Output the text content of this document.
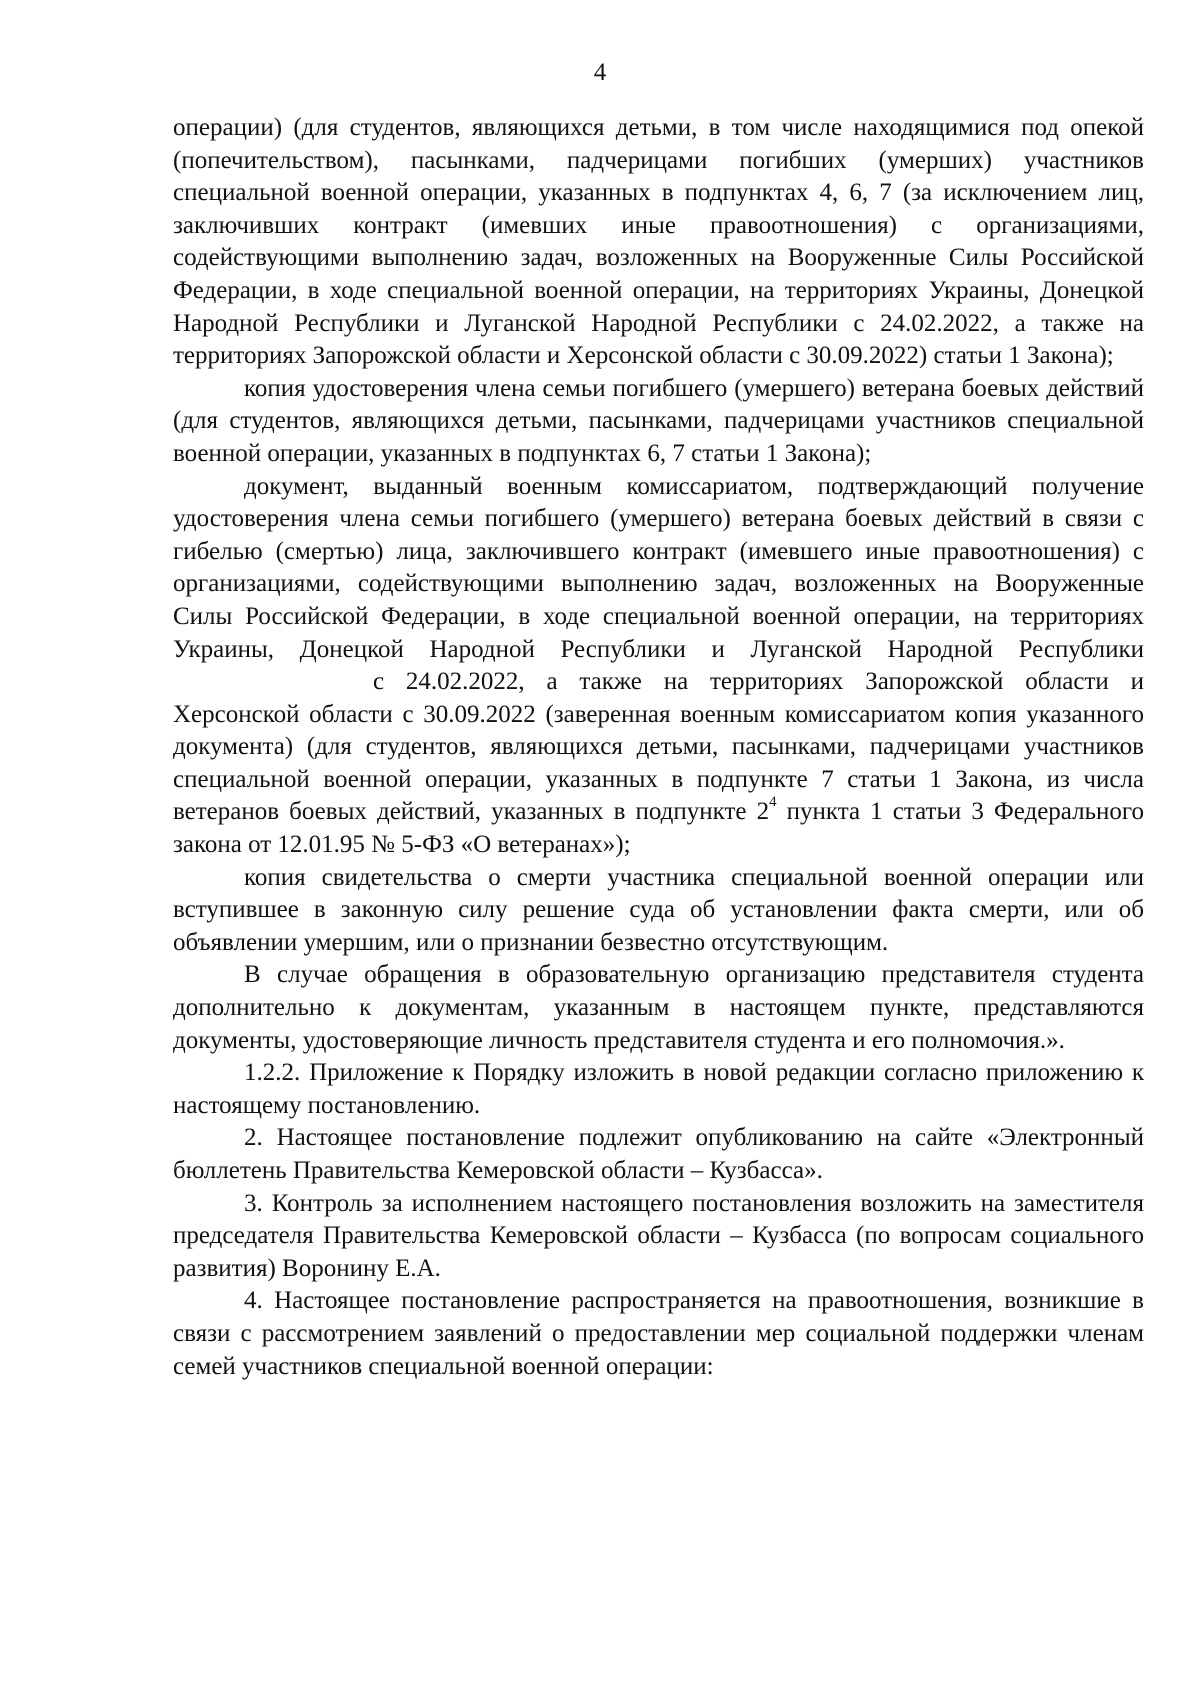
4

операции) (для студентов, являющихся детьми, в том числе находящимися под опекой (попечительством), пасынками, падчерицами погибших (умерших) участников специальной военной операции, указанных в подпунктах 4, 6, 7 (за исключением лиц, заключивших контракт (имевших иные правоотношения) с организациями, содействующими выполнению задач, возложенных на Вооруженные Силы Российской Федерации, в ходе специальной военной операции, на территориях Украины, Донецкой Народной Республики и Луганской Народной Республики с 24.02.2022, а также на территориях Запорожской области и Херсонской области с 30.09.2022) статьи 1 Закона);

копия удостоверения члена семьи погибшего (умершего) ветерана боевых действий (для студентов, являющихся детьми, пасынками, падчерицами участников специальной военной операции, указанных в подпунктах 6, 7 статьи 1 Закона);

документ, выданный военным комиссариатом, подтверждающий получение удостоверения члена семьи погибшего (умершего) ветерана боевых действий в связи с гибелью (смертью) лица, заключившего контракт (имевшего иные правоотношения) с организациями, содействующими выполнению задач, возложенных на Вооруженные Силы Российской Федерации, в ходе специальной военной операции, на территориях Украины, Донецкой Народной Республики и Луганской Народной Республикис 24.02.2022, а также на территориях Запорожской области и Херсонской области с 30.09.2022 (заверенная военным комиссариатом копия указанного документа) (для студентов, являющихся детьми, пасынками, падчерицами участников специальной военной операции, указанных в подпункте 7 статьи 1 Закона, из числа ветеранов боевых действий, указанных в подпункте $2^4$ пункта 1 статьи 3 Федерального закона от 12.01.95 № 5-ФЗ «О ветеранах»);

копия свидетельства о смерти участника специальной военной операции или вступившее в законную силу решение суда об установлении факта смерти, или об объявлении умершим, или о признании безвестно отсутствующим.

В случае обращения в образовательную организацию представителя студента дополнительно к документам, указанным в настоящем пункте, представляются документы, удостоверяющие личность представителя студента и его полномочия.».

1.2.2. Приложение к Порядку изложить в новой редакции согласно приложению к настоящему постановлению.

2. Настоящее постановление подлежит опубликованию на сайте «Электронный бюллетень Правительства Кемеровской области – Кузбасса».

3. Контроль за исполнением настоящего постановления возложить на заместителя председателя Правительства Кемеровской области – Кузбасса (по вопросам социального развития) Воронину Е.А.

4. Настоящее постановление распространяется на правоотношения, возникшие в связи с рассмотрением заявлений о предоставлении мер социальной поддержки членам семей участников специальной военной операции:
